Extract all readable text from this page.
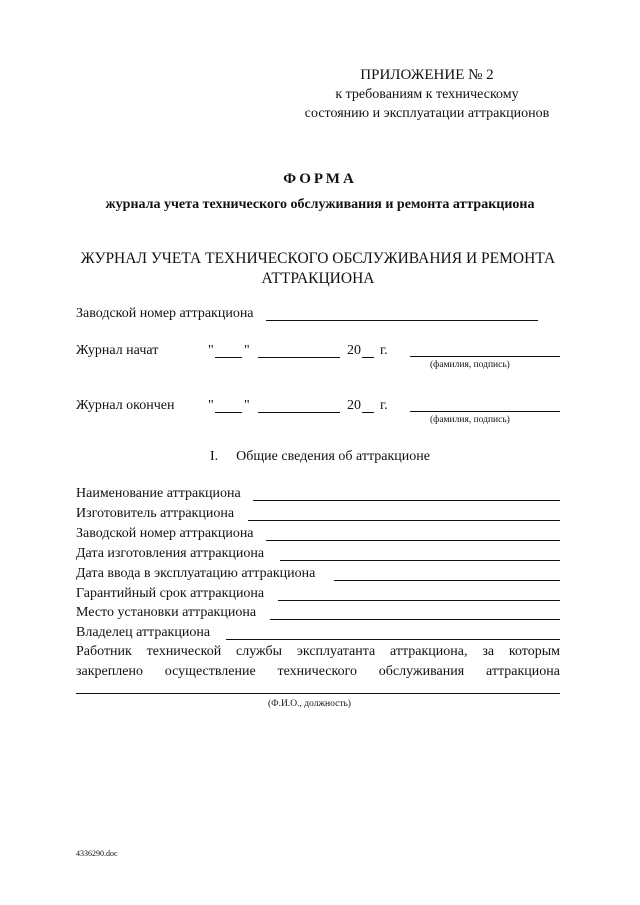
ПРИЛОЖЕНИЕ № 2
к требованиям к техническому
состоянию и эксплуатации аттракционов
ФОРМА
журнала учета технического обслуживания и ремонта аттракциона
ЖУРНАЛ УЧЕТА ТЕХНИЧЕСКОГО ОБСЛУЖИВАНИЯ И РЕМОНТА АТТРАКЦИОНА
Заводской номер аттракциона
Журнал начат	" "	20 г.
(фамилия, подпись)
Журнал окончен " "	20 г.
(фамилия, подпись)
I. Общие сведения об аттракционе
Наименование аттракциона
Изготовитель аттракциона
Заводской номер аттракциона
Дата изготовления аттракциона
Дата ввода в эксплуатацию аттракциона
Гарантийный срок аттракциона
Место установки аттракциона
Владелец аттракциона
Работник технической службы эксплуатанта аттракциона, за которым
закреплено осуществление технического обслуживания аттракциона
(Ф.И.О., должность)
4336290.doc
